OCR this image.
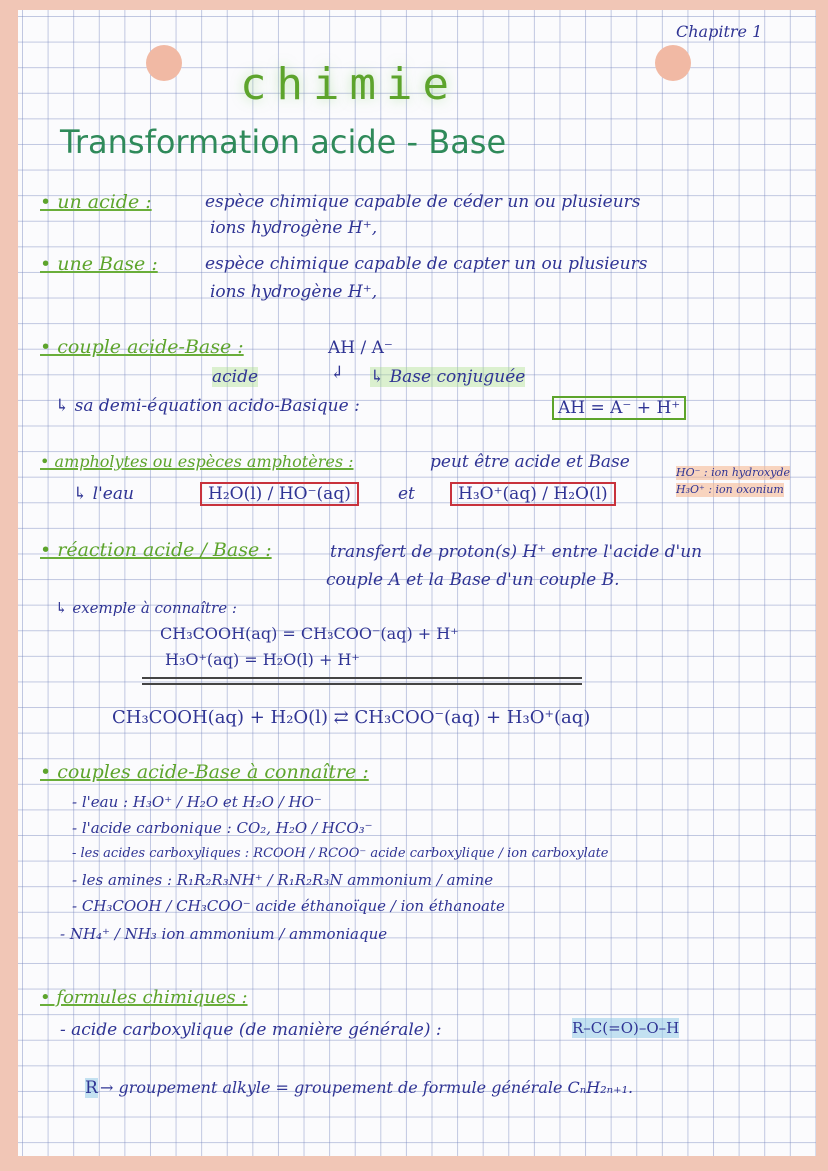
Chapitre 1
chimie
Transformation acide - Base
• un acide :	espèce chimique capable de céder un ou plusieurs
ions hydrogène H⁺,
• une Base :	espèce chimique capable de capter un ou plusieurs
ions hydrogène H⁺,
• couple acide-Base :	AH / A⁻
acide	↲ ↳ Base conjuguée
↳ sa demi-équation acido-Basique :	AH = A⁻ + H⁺
• ampholytes ou espèces amphotères :	peut être acide et Base
↳ l'eau	H₂O(l) / HO⁻(aq)	et	H₃O⁺(aq) / H₂O(l)
HO⁻ : ion hydroxyde
H₃O⁺ : ion oxonium
• réaction acide / Base :	transfert de proton(s) H⁺ entre l'acide d'un
couple A et la Base d'un couple B.
↳ exemple à connaître :
CH₃COOH(aq) = CH₃COO⁻(aq) + H⁺
H₃O⁺(aq) = H₂O(l) + H⁺
CH₃COOH(aq) + H₂O(l) ⇄ CH₃COO⁻(aq) + H₃O⁺(aq)
• couples acide-Base à connaître :
- l'eau : H₃O⁺ / H₂O et H₂O / HO⁻
- l'acide carbonique : CO₂, H₂O / HCO₃⁻
- les acides carboxyliques : RCOOH / RCOO⁻ acide carboxylique / ion carboxylate
- les amines : R₁R₂R₃NH⁺ / R₁R₂R₃N ammonium / amine
- CH₃COOH / CH₃COO⁻ acide éthanoïque / ion éthanoate
- NH₄⁺ / NH₃ ion ammonium / ammoniaque
• formules chimiques :
- acide carboxylique (de manière générale) :	R–C(=O)–O–H
R → groupement alkyle = groupement de formule générale CₙH₂ₙ₊₁.
